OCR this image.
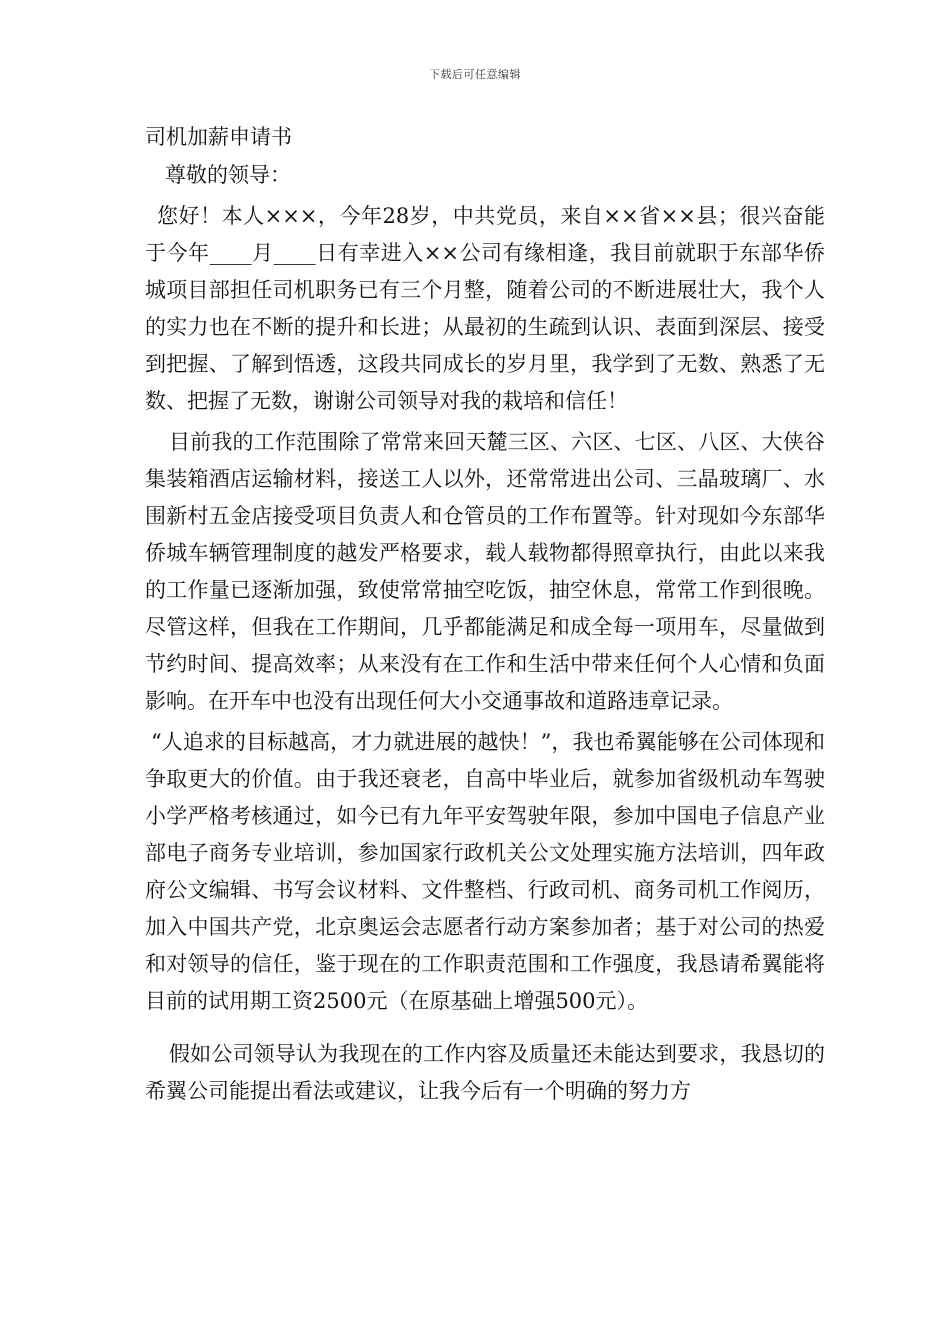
下载后可任意编辑

司机加薪申请书

尊敬的领导：

您好！本人×××，今年28岁，中共党员，来自××省××县；很兴奋能于今年____月____日有幸进入××公司有缘相逢，我目前就职于东部华侨城项目部担任司机职务已有三个月整，随着公司的不断进展壮大，我个人的实力也在不断的提升和长进；从最初的生疏到认识、表面到深层、接受到把握、了解到悟透，这段共同成长的岁月里，我学到了无数、熟悉了无数、把握了无数，谢谢公司领导对我的栽培和信任！

目前我的工作范围除了常常来回天麓三区、六区、七区、八区、大侠谷集装箱酒店运输材料，接送工人以外，还常常进出公司、三晶玻璃厂、水围新村五金店接受项目负责人和仓管员的工作布置等。针对现如今东部华侨城车辆管理制度的越发严格要求，载人载物都得照章执行，由此以来我的工作量已逐渐加强，致使常常抽空吃饭，抽空休息，常常工作到很晚。尽管这样，但我在工作期间，几乎都能满足和成全每一项用车，尽量做到节约时间、提高效率；从来没有在工作和生活中带来任何个人心情和负面影响。在开车中也没有出现任何大小交通事故和道路违章记录。

“人追求的目标越高，才力就进展的越快！”，我也希翼能够在公司体现和争取更大的价值。由于我还衰老，自高中毕业后，就参加省级机动车驾驶小学严格考核通过，如今已有九年平安驾驶年限，参加中国电子信息产业部电子商务专业培训，参加国家行政机关公文处理实施方法培训，四年政府公文编辑、书写会议材料、文件整档、行政司机、商务司机工作阅历，加入中国共产党，北京奥运会志愿者行动方案参加者；基于对公司的热爱和对领导的信任，鉴于现在的工作职责范围和工作强度，我恳请希翼能将目前的试用期工资2500元（在原基础上增强500元）。

假如公司领导认为我现在的工作内容及质量还未能达到要求，我恳切的希翼公司能提出看法或建议，让我今后有一个明确的努力方
